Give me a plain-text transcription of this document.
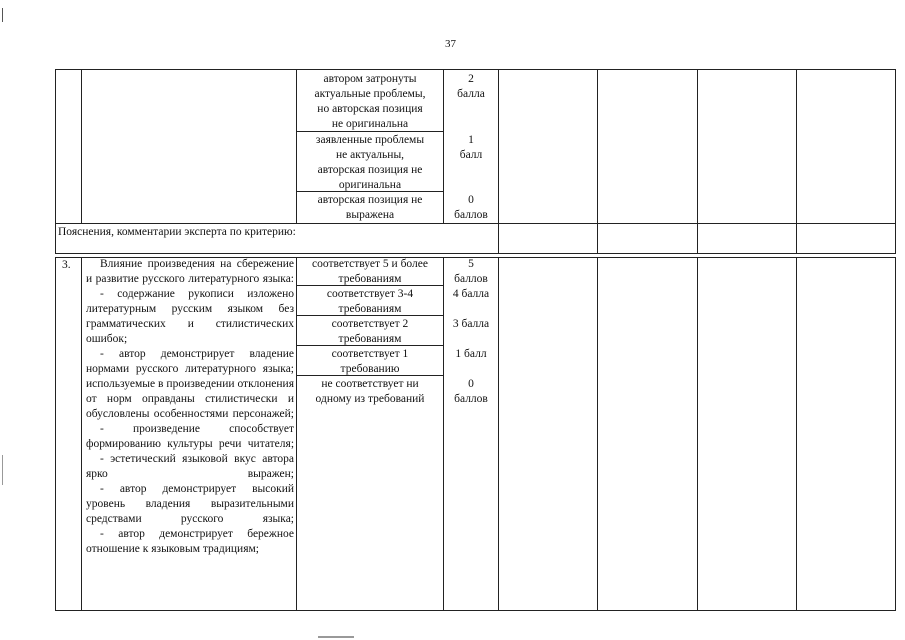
37
автором затронуты
актуальные проблемы,
но авторская позиция
не оригинальна
2
балла
заявленные проблемы
не актуальны,
авторская позиция не
оригинальна
1
балл
авторская позиция не
выражена
0
баллов
Пояснения, комментарии эксперта по критерию:
3.	Влияние произведения на сбережение и развитие русского литературного языка:

- содержание рукописи изложено литературным русским языком без грамматических и стилистических ошибок;

- автор демонстрирует владение нормами русского литературного языка; используемые в произведении отклонения от норм оправданы стилистически и обусловлены особенностями персонажей;

- произведение способствует формированию культуры речи читателя;

- эстетический языковой вкус автора ярко выражен;

- автор демонстрирует высокий уровень владения выразительными средствами русского языка;

- автор демонстрирует бережное отношение к языковым традициям;

соответствует 5 и более
требованиям
5
баллов
соответствует 3-4
требованиям
4 балла
соответствует 2
требованиям
3 балла
соответствует 1
требованию
1 балл
не соответствует ни
одному из требований
0
баллов
